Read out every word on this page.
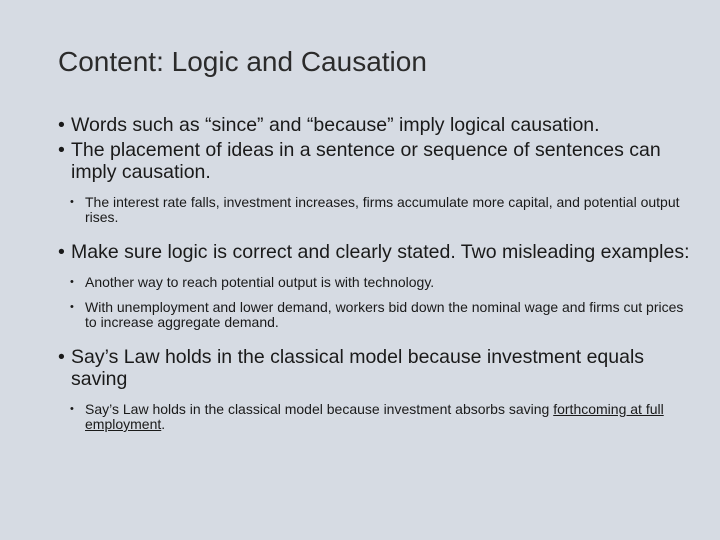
Content: Logic and Causation
• Words such as “since” and “because” imply logical causation.
• The placement of ideas in a sentence or sequence of sentences can imply causation.
• The interest rate falls, investment increases, firms accumulate more capital, and potential output rises.
• Make sure logic is correct and clearly stated. Two misleading examples:
• Another way to reach potential output is with technology.
• With unemployment and lower demand, workers bid down the nominal wage and firms cut prices to increase aggregate demand.
• Say’s Law holds in the classical model because investment equals saving
• Say’s Law holds in the classical model because investment absorbs saving forthcoming at full employment.
